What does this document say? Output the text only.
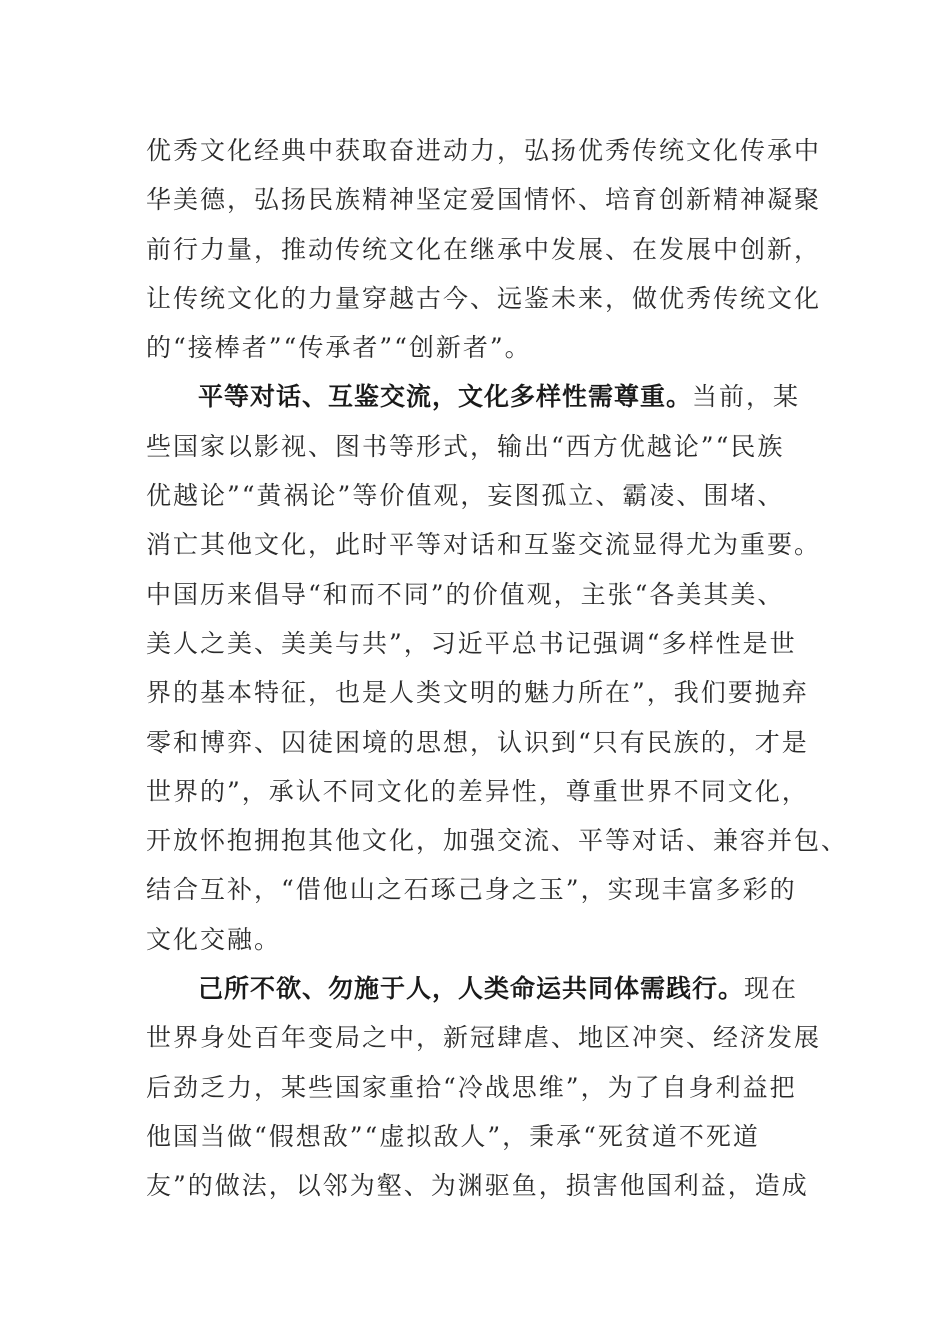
优秀文化经典中获取奋进动力，弘扬优秀传统文化传承中
华美德，弘扬民族精神坚定爱国情怀、培育创新精神凝聚
前行力量，推动传统文化在继承中发展、在发展中创新，
让传统文化的力量穿越古今、远鉴未来，做优秀传统文化
的“接棒者”“传承者”“创新者”。
平等对话、互鉴交流，文化多样性需尊重。当前，某
些国家以影视、图书等形式，输出“西方优越论”“民族
优越论”“黄祸论”等价值观，妄图孤立、霸凌、围堵、
消亡其他文化，此时平等对话和互鉴交流显得尤为重要。
中国历来倡导“和而不同”的价值观，主张“各美其美、
美人之美、美美与共”，习近平总书记强调“多样性是世
界的基本特征，也是人类文明的魅力所在”，我们要抛弃
零和博弈、囚徒困境的思想，认识到“只有民族的，才是
世界的”，承认不同文化的差异性，尊重世界不同文化，
开放怀抱拥抱其他文化，加强交流、平等对话、兼容并包、
结合互补，“借他山之石琢己身之玉”，实现丰富多彩的
文化交融。
己所不欲、勿施于人，人类命运共同体需践行。现在
世界身处百年变局之中，新冠肆虐、地区冲突、经济发展
后劲乏力，某些国家重拾“冷战思维”，为了自身利益把
他国当做“假想敌”“虚拟敌人”，秉承“死贫道不死道
友”的做法，以邻为壑、为渊驱鱼，损害他国利益，造成
